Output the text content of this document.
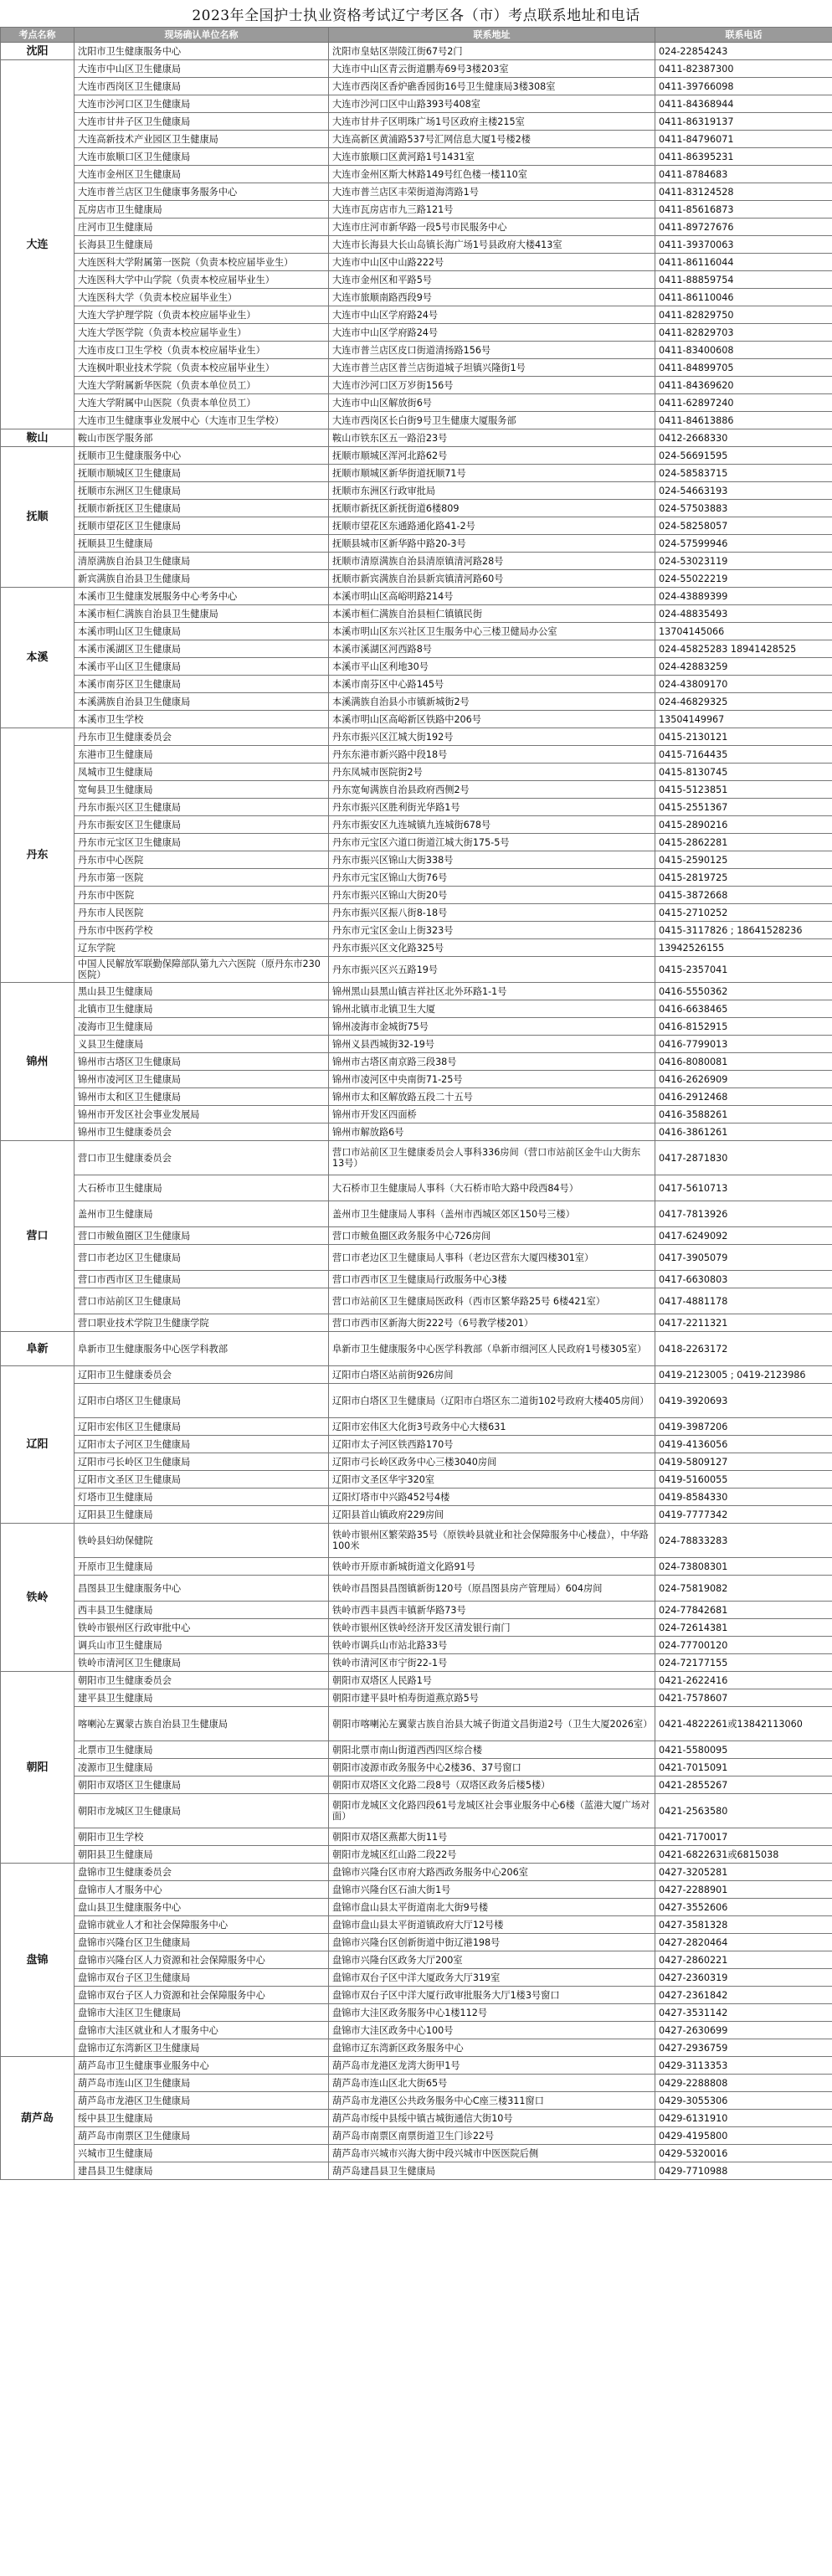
2023年全国护士执业资格考试辽宁考区各（市）考点联系地址和电话
考点名称	现场确认单位名称	联系地址	联系电话
沈阳	沈阳市卫生健康服务中心	沈阳市皇姑区崇陵江街67号2门	024-22854243
大连	大连市中山区卫生健康局	大连市中山区青云街道鹏寿69号3楼203室	0411-82387300
	大连市西岗区卫生健康局	大连市西岗区香炉礁香园街16号卫生健康局3楼308室	0411-39766098
	大连市沙河口区卫生健康局	大连市沙河口区中山路393号408室	0411-84368944
	大连市甘井子区卫生健康局	大连市甘井子区明珠广场1号区政府主楼215室	0411-86319137
	大连高新技术产业园区卫生健康局	大连高新区黄浦路537号汇网信息大厦1号楼2楼	0411-84796071
	大连市旅顺口区卫生健康局	大连市旅顺口区黄河路1号1431室	0411-86395231
	大连市金州区卫生健康局	大连市金州区斯大林路149号红色楼一楼110室	0411-8784683
	大连市普兰店区卫生健康事务服务中心	大连市普兰店区丰荣街道海湾路1号	0411-83124528
	瓦房店市卫生健康局	大连市瓦房店市九三路121号	0411-85616873
	庄河市卫生健康局	大连市庄河市新华路一段5号市民服务中心	0411-89727676
	长海县卫生健康局	大连市长海县大长山岛镇长海广场1号县政府大楼413室	0411-39370063
	大连医科大学附属第一医院（负责本校应届毕业生）	大连市中山区中山路222号	0411-86116044
	大连医科大学中山学院（负责本校应届毕业生）	大连市金州区和平路5号	0411-88859754
	大连医科大学（负责本校应届毕业生）	大连市旅顺南路西段9号	0411-86110046
	大连大学护理学院（负责本校应届毕业生）	大连市中山区学府路24号	0411-82829750
	大连大学医学院（负责本校应届毕业生）	大连市中山区学府路24号	0411-82829703
	大连市皮口卫生学校（负责本校应届毕业生）	大连市普兰店区皮口街道清扬路156号	0411-83400608
	大连枫叶职业技术学院（负责本校应届毕业生）	大连市普兰店区普兰店街道城子坦镇兴隆街1号	0411-84899705
	大连大学附属新华医院（负责本单位员工）	大连市沙河口区万岁街156号	0411-84369620
	大连大学附属中山医院（负责本单位员工）	大连市中山区解放街6号	0411-62897240
	大连市卫生健康事业发展中心（大连市卫生学校）	大连市西岗区长白街9号卫生健康大厦服务部	0411-84613886
鞍山	鞍山市医学服务部	鞍山市铁东区五一路沿23号	0412-2668330
抚顺	抚顺市卫生健康服务中心	抚顺市顺城区浑河北路62号	024-56691595
	抚顺市顺城区卫生健康局	抚顺市顺城区新华街道抚顺71号	024-58583715
	抚顺市东洲区卫生健康局	抚顺市东洲区行政审批局	024-54663193
	抚顺市新抚区卫生健康局	抚顺市新抚区新抚街道6楼809	024-57503883
	抚顺市望花区卫生健康局	抚顺市望花区东通路通化路41-2号	024-58258057
	抚顺县卫生健康局	抚顺县城市区新华路中路20-3号	024-57599946
	清原满族自治县卫生健康局	抚顺市清原满族自治县清原镇清河路28号	024-53023119
	新宾满族自治县卫生健康局	抚顺市新宾满族自治县新宾镇清河路60号	024-55022219
本溪	本溪市卫生健康发展服务中心考务中心	本溪市明山区高峪明路214号	024-43889399
	本溪市桓仁满族自治县卫生健康局	本溪市桓仁满族自治县桓仁镇镇民街	024-48835493
	本溪市明山区卫生健康局	本溪市明山区东兴社区卫生服务中心三楼卫健局办公室	13704145066
	本溪市溪湖区卫生健康局	本溪市溪湖区河西路8号	024-45825283 18941428525
	本溪市平山区卫生健康局	本溪市平山区利地30号	024-42883259
	本溪市南芬区卫生健康局	本溪市南芬区中心路145号	024-43809170
	本溪满族自治县卫生健康局	本溪满族自治县小市镇新城街2号	024-46829325
	本溪市卫生学校	本溪市明山区高峪新区铁路中206号	13504149967
丹东	丹东市卫生健康委员会	丹东市振兴区江城大街192号	0415-2130121
	东港市卫生健康局	丹东东港市新兴路中段18号	0415-7164435
	凤城市卫生健康局	丹东凤城市医院街2号	0415-8130745
	宽甸县卫生健康局	丹东宽甸满族自治县政府西侧2号	0415-5123851
	丹东市振兴区卫生健康局	丹东市振兴区胜利街光华路1号	0415-2551367
	丹东市振安区卫生健康局	丹东市振安区九连城镇九连城街678号	0415-2890216
	丹东市元宝区卫生健康局	丹东市元宝区六道口街道江城大街175-5号	0415-2862281
	丹东市中心医院	丹东市振兴区锦山大街338号	0415-2590125
	丹东市第一医院	丹东市元宝区锦山大街76号	0415-2819725
	丹东市中医院	丹东市振兴区锦山大街20号	0415-3872668
	丹东市人民医院	丹东市振兴区振八街8-18号	0415-2710252
	丹东市中医药学校	丹东市元宝区金山上街323号	0415-3117826 ; 18641528236
	辽东学院	丹东市振兴区文化路325号	13942526155
	中国人民解放军联勤保障部队第九六六医院（原丹东市230医院）	丹东市振兴区兴五路19号	0415-2357041
锦州	黑山县卫生健康局	锦州黑山县黑山镇吉祥社区北外环路1-1号	0416-5550362
	北镇市卫生健康局	锦州北镇市北镇卫生大厦	0416-6638465
	凌海市卫生健康局	锦州凌海市金城街75号	0416-8152915
	义县卫生健康局	锦州义县西城街32-19号	0416-7799013
	锦州市古塔区卫生健康局	锦州市古塔区南京路三段38号	0416-8080081
	锦州市凌河区卫生健康局	锦州市凌河区中央南街71-25号	0416-2626909
	锦州市太和区卫生健康局	锦州市太和区解放路五段二十五号	0416-2912468
	锦州市开发区社会事业发展局	锦州市开发区四面桥	0416-3588261
	锦州市卫生健康委员会	锦州市解放路6号	0416-3861261
营口	营口市卫生健康委员会	营口市站前区卫生健康委员会人事科336房间（营口市站前区金牛山大街东13号）	0417-2871830
	大石桥市卫生健康局	大石桥市卫生健康局人事科（大石桥市哈大路中段西84号）	0417-5610713
	盖州市卫生健康局	盖州市卫生健康局人事科（盖州市西城区郊区150号三楼）	0417-7813926
	营口市鲅鱼圈区卫生健康局	营口市鲅鱼圈区政务服务中心726房间	0417-6249092
	营口市老边区卫生健康局	营口市老边区卫生健康局人事科（老边区营东大厦四楼301室）	0417-3905079
	营口市西市区卫生健康局	营口市西市区卫生健康局行政服务中心3楼	0417-6630803
	营口市站前区卫生健康局	营口市站前区卫生健康局医政科（西市区繁华路25号 6楼421室）	0417-4881178
	营口职业技术学院卫生健康学院	营口市西市区新海大街222号（6号教学楼201）	0417-2211321
阜新	阜新市卫生健康服务中心医学科教部	阜新市卫生健康服务中心医学科教部（阜新市细河区人民政府1号楼305室）	0418-2263172
辽阳	辽阳市卫生健康委员会	辽阳市白塔区站前街926房间	0419-2123005 ; 0419-2123986
	辽阳市白塔区卫生健康局	辽阳市白塔区卫生健康局（辽阳市白塔区东二道街102号政府大楼405房间）	0419-3920693
	辽阳市宏伟区卫生健康局	辽阳市宏伟区大化街3号政务中心大楼631	0419-3987206
	辽阳市太子河区卫生健康局	辽阳市太子河区铁西路170号	0419-4136056
	辽阳市弓长岭区卫生健康局	辽阳市弓长岭区政务中心三楼3040房间	0419-5809127
	辽阳市文圣区卫生健康局	辽阳市文圣区华宇320室	0419-5160055
	灯塔市卫生健康局	辽阳灯塔市中兴路452号4楼	0419-8584330
	辽阳县卫生健康局	辽阳县首山镇政府229房间	0419-7777342
铁岭	铁岭县妇幼保健院	铁岭市银州区繁荣路35号（原铁岭县就业和社会保障服务中心楼盘），中华路100米	024-78833283
	开原市卫生健康局	铁岭市开原市新城街道文化路91号	024-73808301
	昌图县卫生健康服务中心	铁岭市昌图县昌图镇新街120号（原昌图县房产管理局）604房间	024-75819082
	西丰县卫生健康局	铁岭市西丰县西丰镇新华路73号	024-77842681
	铁岭市银州区行政审批中心	铁岭市银州区铁岭经济开发区清发银行南门	024-72614381
	调兵山市卫生健康局	铁岭市调兵山市站北路33号	024-77700120
	铁岭市清河区卫生健康局	铁岭市清河区市宁街22-1号	024-72177155
朝阳	朝阳市卫生健康委员会	朝阳市双塔区人民路1号	0421-2622416
	建平县卫生健康局	朝阳市建平县叶柏寿街道燕京路5号	0421-7578607
	喀喇沁左翼蒙古族自治县卫生健康局	朝阳市喀喇沁左翼蒙古族自治县大城子街道文昌街道2号（卫生大厦2026室）	0421-4822261或13842113060
	北票市卫生健康局	朝阳北票市南山街道西西四区综合楼	0421-5580095
	凌源市卫生健康局	朝阳市凌源市政务服务中心2楼36、37号窗口	0421-7015091
	朝阳市双塔区卫生健康局	朝阳市双塔区文化路二段8号（双塔区政务后楼5楼）	0421-2855267
	朝阳市龙城区卫生健康局	朝阳市龙城区文化路四段61号龙城区社会事业服务中心6楼（蓝港大厦广场对面）	0421-2563580
	朝阳市卫生学校	朝阳市双塔区燕都大街11号	0421-7170017
	朝阳县卫生健康局	朝阳市龙城区红山路二段22号	0421-6822631或6815038
盘锦	盘锦市卫生健康委员会	盘锦市兴隆台区市府大路西政务服务中心206室	0427-3205281
	盘锦市人才服务中心	盘锦市兴隆台区石油大街1号	0427-2288901
	盘山县卫生健康服务中心	盘锦市盘山县太平街道南北大街9号楼	0427-3552606
	盘锦市就业人才和社会保障服务中心	盘锦市盘山县太平街道镇政府大厅12号楼	0427-3581328
	盘锦市兴隆台区卫生健康局	盘锦市兴隆台区创新街道中街辽港198号	0427-2820464
	盘锦市兴隆台区人力资源和社会保障服务中心	盘锦市兴隆台区政务大厅200室	0427-2860221
	盘锦市双台子区卫生健康局	盘锦市双台子区中洋大厦政务大厅319室	0427-2360319
	盘锦市双台子区人力资源和社会保障服务中心	盘锦市双台子区中洋大厦行政审批服务大厅1楼3号窗口	0427-2361842
	盘锦市大洼区卫生健康局	盘锦市大洼区政务服务中心1楼112号	0427-3531142
	盘锦市大洼区就业和人才服务中心	盘锦市大洼区政务中心100号	0427-2630699
	盘锦市辽东湾新区卫生健康局	盘锦市辽东湾新区政务服务中心	0427-2936759
葫芦岛	葫芦岛市卫生健康事业服务中心	葫芦岛市龙港区龙湾大街甲1号	0429-3113353
	葫芦岛市连山区卫生健康局	葫芦岛市连山区北大街65号	0429-2288808
	葫芦岛市龙港区卫生健康局	葫芦岛市龙港区公共政务服务中心C座三楼311窗口	0429-3055306
	绥中县卫生健康局	葫芦岛市绥中县绥中镇古城街通信大街10号	0429-6131910
	葫芦岛市南票区卫生健康局	葫芦岛市南票区南票街道卫生门诊22号	0429-4195800
	兴城市卫生健康局	葫芦岛市兴城市兴海大街中段兴城市中医医院后侧	0429-5320016
	建昌县卫生健康局	葫芦岛建昌县卫生健康局	0429-7710988
